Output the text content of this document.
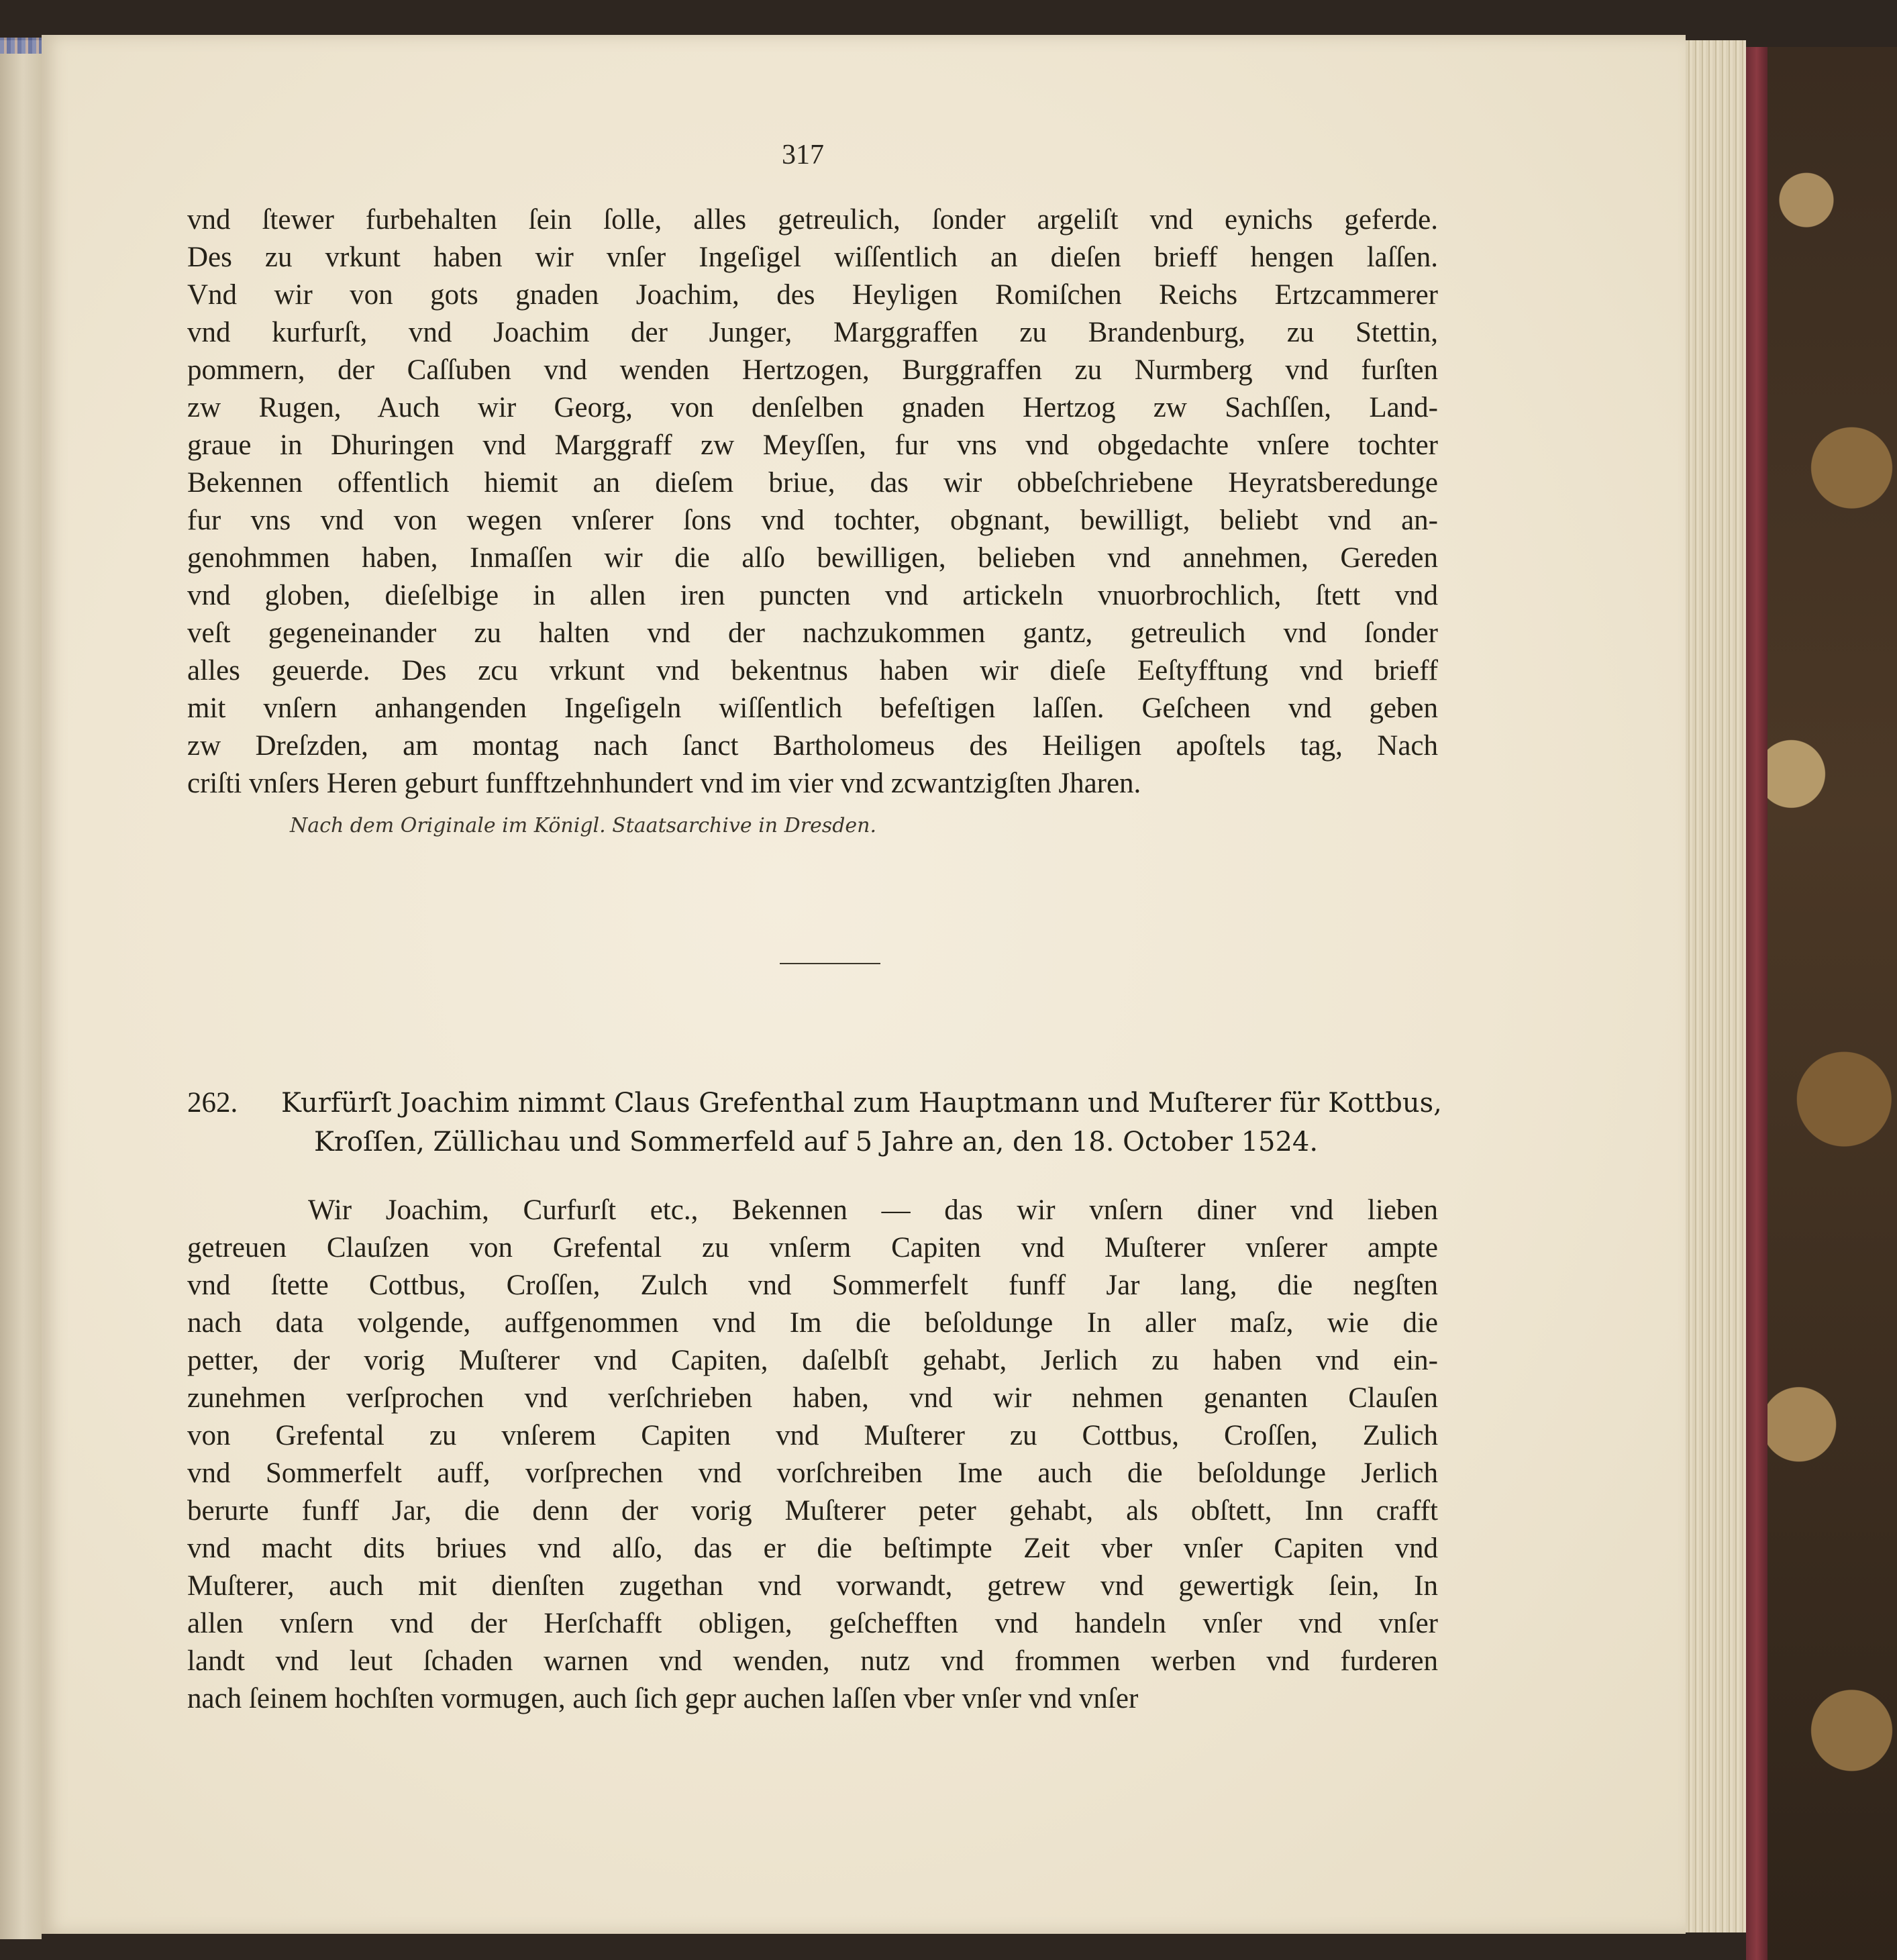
317
vnd ſtewer furbehalten ſein ſolle, alles getreulich, ſonder argeliſt vnd eynichs geferde.
Des zu vrkunt haben wir vnſer Ingeſigel wiſſentlich an dieſen brieff hengen laſſen.
Vnd wir von gots gnaden Joachim, des Heyligen Romiſchen Reichs Ertzcammerer
vnd kurfurſt, vnd Joachim der Junger, Marggraffen zu Brandenburg, zu Stettin,
pommern, der Caſſuben vnd wenden Hertzogen, Burggraffen zu Nurmberg vnd furſten
zw Rugen, Auch wir Georg, von denſelben gnaden Hertzog zw Sachſſen, Land-
graue in Dhuringen vnd Marggraff zw Meyſſen, fur vns vnd obgedachte vnſere tochter
Bekennen offentlich hiemit an dieſem briue, das wir obbeſchriebene Heyratsberedunge
fur vns vnd von wegen vnſerer ſons vnd tochter, obgnant, bewilligt, beliebt vnd an-
genohmmen haben, Inmaſſen wir die alſo bewilligen, belieben vnd annehmen, Gereden
vnd globen, dieſelbige in allen iren puncten vnd artickeln vnuorbrochlich, ſtett vnd
veſt gegeneinander zu halten vnd der nachzukommen gantz, getreulich vnd ſonder
alles geuerde. Des zcu vrkunt vnd bekentnus haben wir dieſe Eeſtyfftung vnd brieff
mit vnſern anhangenden Ingeſigeln wiſſentlich befeſtigen laſſen. Geſcheen vnd geben
zw Dreſzden, am montag nach ſanct Bartholomeus des Heiligen apoſtels tag, Nach
criſti vnſers Heren geburt funfftzehnhundert vnd im vier vnd zcwantzigſten Jharen.
Nach dem Originale im Königl. Staatsarchive in Dresden.
262. Kurfürſt Joachim nimmt Claus Grefenthal zum Hauptmann und Muſterer für Kottbus,
Kroſſen, Züllichau und Sommerfeld auf 5 Jahre an, den 18. October 1524.
Wir Joachim, Curfurſt etc., Bekennen — das wir vnſern diner vnd lieben
getreuen Clauſzen von Grefental zu vnſerm Capiten vnd Muſterer vnſerer ampte
vnd ſtette Cottbus, Croſſen, Zulch vnd Sommerfelt funff Jar lang, die negſten
nach data volgende, auffgenommen vnd Im die beſoldunge In aller maſz, wie die
petter, der vorig Muſterer vnd Capiten, daſelbſt gehabt, Jerlich zu haben vnd ein-
zunehmen verſprochen vnd verſchrieben haben, vnd wir nehmen genanten Clauſen
von Grefental zu vnſerem Capiten vnd Muſterer zu Cottbus, Croſſen, Zulich
vnd Sommerfelt auff, vorſprechen vnd vorſchreiben Ime auch die beſoldunge Jerlich
berurte funff Jar, die denn der vorig Muſterer peter gehabt, als obſtett, Inn crafft
vnd macht dits briues vnd alſo, das er die beſtimpte Zeit vber vnſer Capiten vnd
Muſterer, auch mit dienſten zugethan vnd vorwandt, getrew vnd gewertigk ſein, In
allen vnſern vnd der Herſchafft obligen, geſchefften vnd handeln vnſer vnd vnſer
landt vnd leut ſchaden warnen vnd wenden, nutz vnd frommen werben vnd furderen
nach ſeinem hochſten vormugen, auch ſich gepr auchen laſſen vber vnſer vnd vnſer
